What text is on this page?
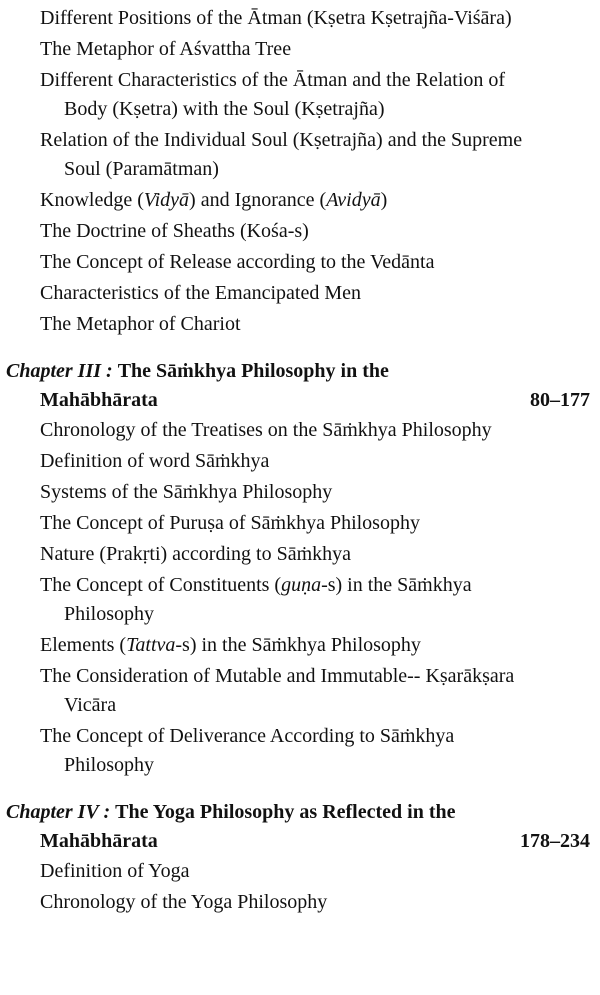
Different Positions of the Ātman (Kṣetra Kṣetrajña-Viśāra)

The Metaphor of Aśvattha Tree

Different Characteristics of the Ātman and the Relation of Body (Kṣetra) with the Soul (Kṣetrajña)

Relation of the Individual Soul (Kṣetrajña) and the Supreme Soul (Paramātman)

Knowledge (Vidyā) and Ignorance (Avidyā)

The Doctrine of Sheaths (Kośa-s)

The Concept of Release according to the Vedānta

Characteristics of the Emancipated Men

The Metaphor of Chariot

Chapter III : The Sāṁkhya Philosophy in the Mahābhārata	80–177

Chronology of the Treatises on the Sāṁkhya Philosophy

Definition of word Sāṁkhya

Systems of the Sāṁkhya Philosophy

The Concept of Puruṣa of Sāṁkhya Philosophy

Nature (Prakṛti) according to Sāṁkhya

The Concept of Constituents (guṇa-s) in the Sāṁkhya Philosophy

Elements (Tattva-s) in the Sāṁkhya Philosophy

The Consideration of Mutable and Immutable-- Kṣarākṣara Vicāra

The Concept of Deliverance According to Sāṁkhya Philosophy

Chapter IV : The Yoga Philosophy as Reflected in the Mahābhārata	178–234

Definition of Yoga

Chronology of the Yoga Philosophy
